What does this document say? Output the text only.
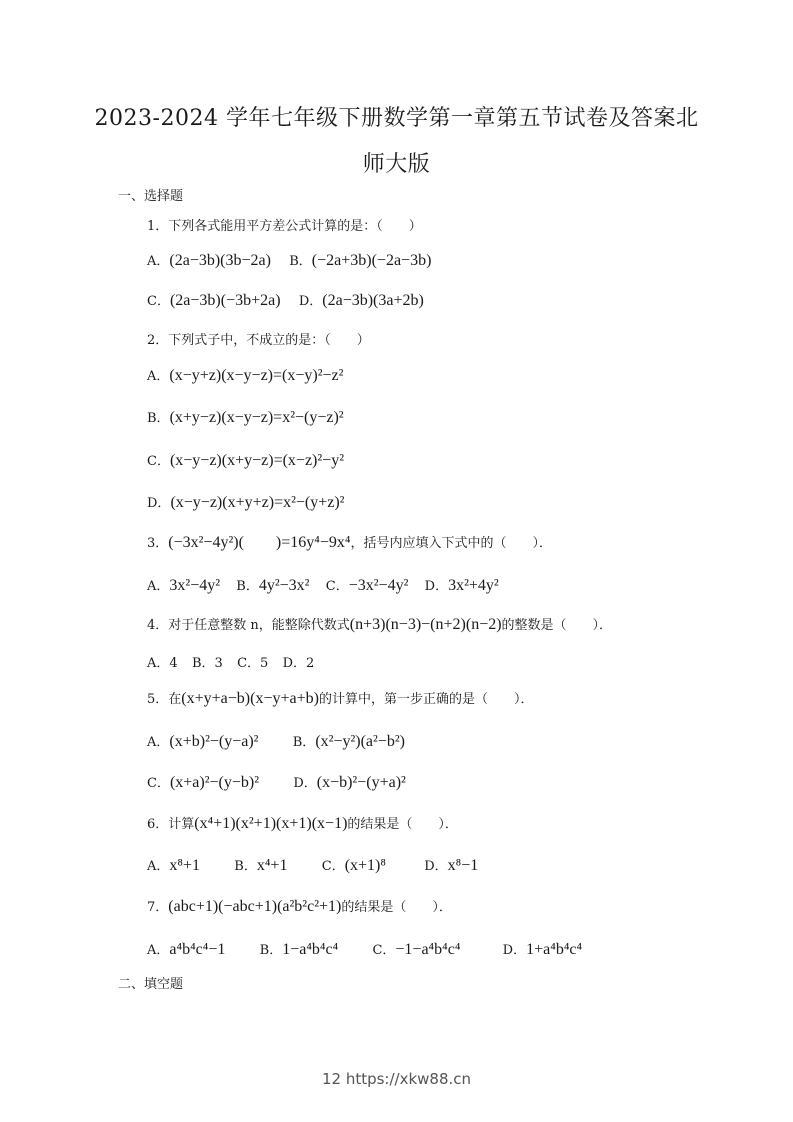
2023-2024 学年七年级下册数学第一章第五节试卷及答案北
师大版
一、选择题
1．下列各式能用平方差公式计算的是：（　　）
A．(2a−3b)(3b−2a) B．(−2a+3b)(−2a−3b)
C．(2a−3b)(−3b+2a) D．(2a−3b)(3a+2b)
2．下列式子中，不成立的是：（　　）
A．(x−y+z)(x−y−z)=(x−y)²−z²
B．(x+y−z)(x−y−z)=x²−(y−z)²
C．(x−y−z)(x+y−z)=(x−z)²−y²
D．(x−y−z)(x+y+z)=x²−(y+z)²
3．(−3x²−4y²)(　　)=16y⁴−9x⁴，括号内应填入下式中的（　　）．
A．3x²−4y² B．4y²−3x² C．−3x²−4y² D．3x²+4y²
4．对于任意整数 n，能整除代数式(n+3)(n−3)−(n+2)(n−2)的整数是（　　）．
A．4 B．3 C．5 D．2
5．在(x+y+a−b)(x−y+a+b)的计算中，第一步正确的是（　　）．
A．(x+b)²−(y−a)²	B．(x²−y²)(a²−b²)
C．(x+a)²−(y−b)²	D．(x−b)²−(y+a)²
6．计算(x⁴+1)(x²+1)(x+1)(x−1)的结果是（　　）．
A．x⁸+1	B．x⁴+1	C．(x+1)⁸	D．x⁸−1
7．(abc+1)(−abc+1)(a²b²c²+1)的结果是（　　）．
A．a⁴b⁴c⁴−1	B．1−a⁴b⁴c⁴	C．−1−a⁴b⁴c⁴	D．1+a⁴b⁴c⁴
二、填空题
12 https://xkw88.cn
